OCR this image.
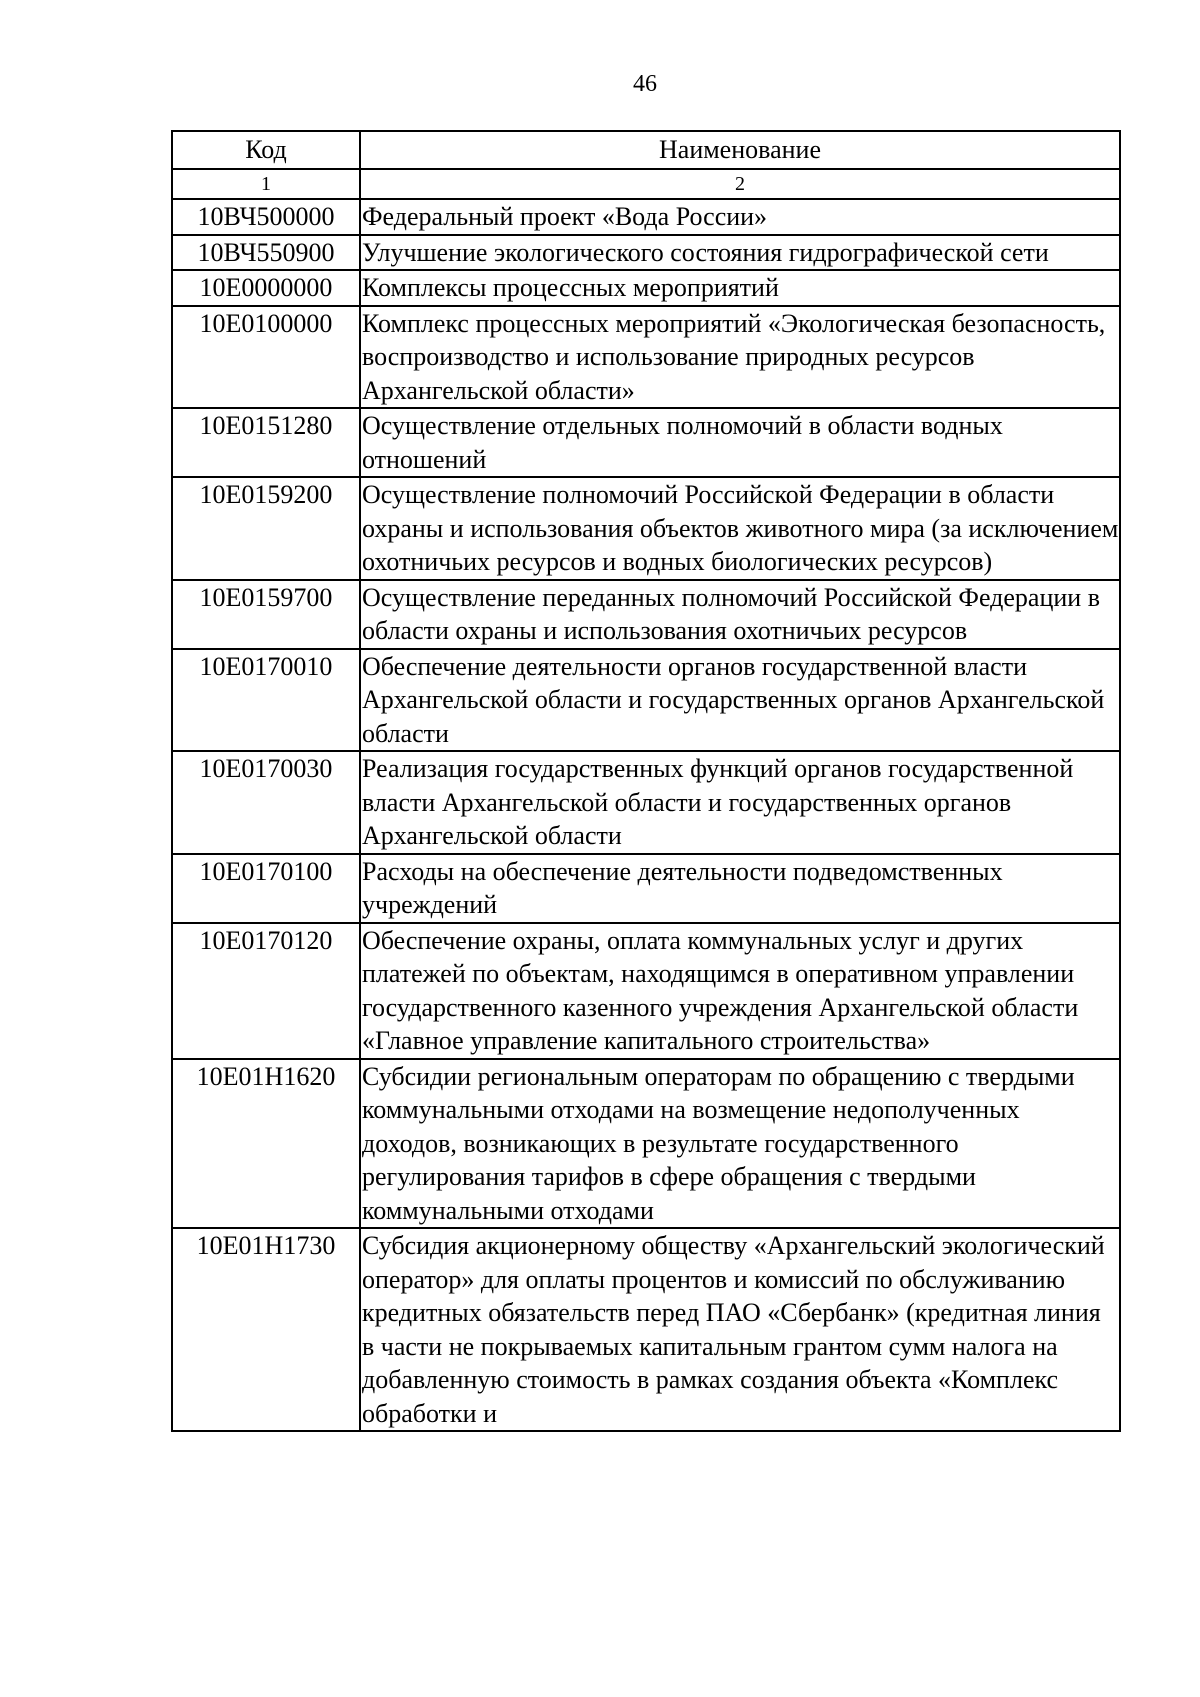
46
Код	Наименование
1	2
10ВЧ500000	Федеральный проект «Вода России»
10ВЧ550900	Улучшение экологического состояния гидрографической сети
10Е0000000	Комплексы процессных мероприятий
10Е0100000	Комплекс процессных мероприятий «Экологическая безопасность, воспроизводство и использование природных ресурсов Архангельской области»
10Е0151280	Осуществление отдельных полномочий в области водных отношений
10Е0159200	Осуществление полномочий Российской Федерации в области охраны и использования объектов животного мира (за исключением охотничьих ресурсов и водных биологических ресурсов)
10Е0159700	Осуществление переданных полномочий Российской Федерации в области охраны и использования охотничьих ресурсов
10Е0170010	Обеспечение деятельности органов государственной власти Архангельской области и государственных органов Архангельской области
10Е0170030	Реализация государственных функций органов государственной власти Архангельской области и государственных органов Архангельской области
10Е0170100	Расходы на обеспечение деятельности подведомственных учреждений
10Е0170120	Обеспечение охраны, оплата коммунальных услуг и других платежей по объектам, находящимся в оперативном управлении государственного казенного учреждения Архангельской области «Главное управление капитального строительства»
10Е01Н1620	Субсидии региональным операторам по обращению с твердыми коммунальными отходами на возмещение недополученных доходов, возникающих в результате государственного регулирования тарифов в сфере обращения с твердыми коммунальными отходами
10Е01Н1730	Субсидия акционерному обществу «Архангельский экологический оператор» для оплаты процентов и комиссий по обслуживанию кредитных обязательств перед ПАО «Сбербанк» (кредитная линия в части не покрываемых капитальным грантом сумм налога на добавленную стоимость в рамках создания объекта «Комплекс обработки и
